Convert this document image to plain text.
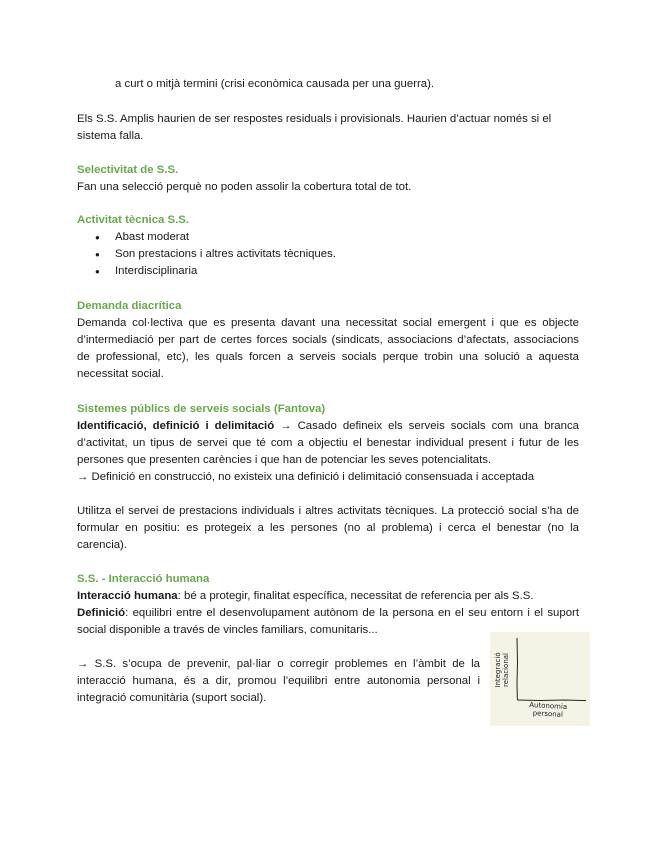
a curt o mitjà termini (crisi econòmica causada per una guerra).

Els S.S. Amplis haurien de ser respostes residuals i provisionals. Haurien d’actuar només si el sistema falla.

Selectivitat de S.S.

Fan una selecció perquè no poden assolir la cobertura total de tot.

Activitat tècnica S.S.

● Abast moderat
● Son prestacions i altres activitats tècniques.
● Interdisciplinaria

Demanda diacrítica

Demanda col·lectiva que es presenta davant una necessitat social emergent i que es objecte d’intermediació per part de certes forces socials (sindicats, associacions d’afectats, associacions de professional, etc), les quals forcen a serveis socials perque trobin una solució a aquesta necessitat social.

Sistemes públics de serveis socials (Fantova)

Identificació, definició i delimitació → Casado defineix els serveis socials com una branca d’activitat, un tipus de servei que té com a objectiu el benestar individual present i futur de les persones que presenten carències i que han de potenciar les seves potencialitats.

→ Definició en construcció, no existeix una definició i delimitació consensuada i acceptada

Utilitza el servei de prestacions individuals i altres activitats tècniques. La protecció social s’ha de formular en positiu: es protegeix a les persones (no al problema) i cerca el benestar (no la carencia).

S.S. - Interacció humana

Interacció humana: bé a protegir, finalitat específica, necessitat de referencia per als S.S.

Definició: equilibri entre el desenvolupament autònom de la persona en el seu entorn i el suport social disponible a través de vincles familiars, comunitaris...

→ S.S. s’ocupa de prevenir, pal·liar o corregir problemes en l’àmbit de la interacció humana, és a dir, promou l’equilibri entre autonomia personal i integració comunitària (suport social).

Integració relacional
Autonomia personal
